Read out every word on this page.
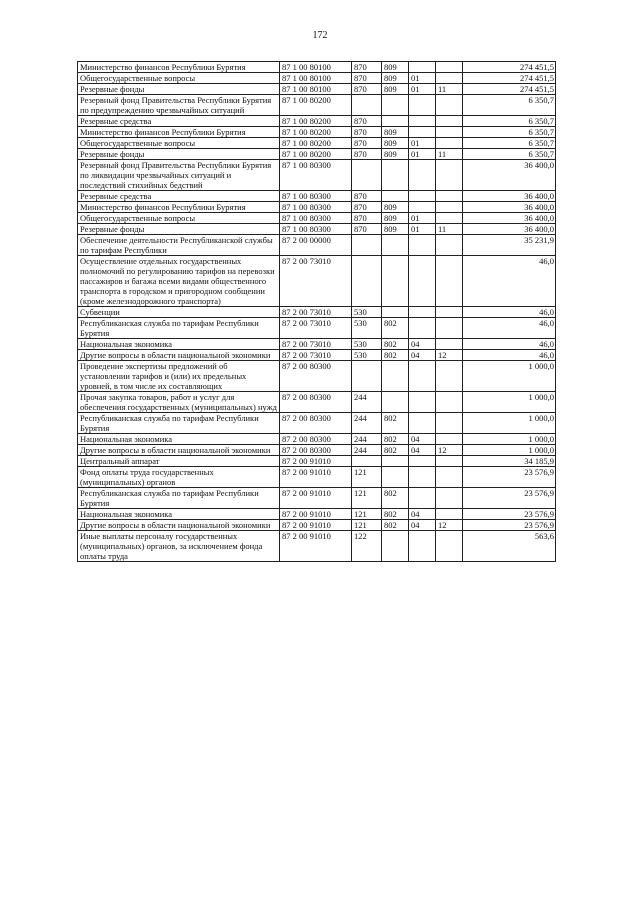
172
Министерство финансов Республики Бурятия	87 1 00 80100	870	809			274 451,5
Общегосударственные вопросы	87 1 00 80100	870	809	01		274 451,5
Резервные фонды	87 1 00 80100	870	809	01	11	274 451,5
Резервный фонд Правительства Республики Бурятия по предупреждению чрезвычайных ситуаций	87 1 00 80200					6 350,7
Резервные средства	87 1 00 80200	870				6 350,7
Министерство финансов Республики Бурятия	87 1 00 80200	870	809			6 350,7
Общегосударственные вопросы	87 1 00 80200	870	809	01		6 350,7
Резервные фонды	87 1 00 80200	870	809	01	11	6 350,7
Резервный фонд Правительства Республики Бурятия по ликвидации чрезвычайных ситуаций и последствий стихийных бедствий	87 1 00 80300					36 400,0
Резервные средства	87 1 00 80300	870				36 400,0
Министерство финансов Республики Бурятия	87 1 00 80300	870	809			36 400,0
Общегосударственные вопросы	87 1 00 80300	870	809	01		36 400,0
Резервные фонды	87 1 00 80300	870	809	01	11	36 400,0
Обеспечение деятельности Республиканской службы по тарифам Республики	87 2 00 00000					35 231,9
Осуществление отдельных государственных полномочий по регулированию тарифов на перевозки пассажиров и багажа всеми видами общественного транспорта в городском и пригородном сообщении (кроме железнодорожного транспорта)	87 2 00 73010					46,0
Субвенции	87 2 00 73010	530				46,0
Республиканская служба по тарифам Республики Бурятия	87 2 00 73010	530	802			46,0
Национальная экономика	87 2 00 73010	530	802	04		46,0
Другие вопросы в области национальной экономики	87 2 00 73010	530	802	04	12	46,0
Проведение экспертизы предложений об установлении тарифов и (или) их предельных уровней, в том числе их составляющих	87 2 00 80300					1 000,0
Прочая закупка товаров, работ и услуг для обеспечения государственных (муниципальных) нужд	87 2 00 80300	244				1 000,0
Республиканская служба по тарифам Республики Бурятия	87 2 00 80300	244	802			1 000,0
Национальная экономика	87 2 00 80300	244	802	04		1 000,0
Другие вопросы в области национальной экономики	87 2 00 80300	244	802	04	12	1 000,0
Центральный аппарат	87 2 00 91010					34 185,9
Фонд оплаты труда государственных (муниципальных) органов	87 2 00 91010	121				23 576,9
Республиканская служба по тарифам Республики Бурятия	87 2 00 91010	121	802			23 576,9
Национальная экономика	87 2 00 91010	121	802	04		23 576,9
Другие вопросы в области национальной экономики	87 2 00 91010	121	802	04	12	23 576,9
Иные выплаты персоналу государственных (муниципальных) органов, за исключением фонда оплаты труда	87 2 00 91010	122				563,6
